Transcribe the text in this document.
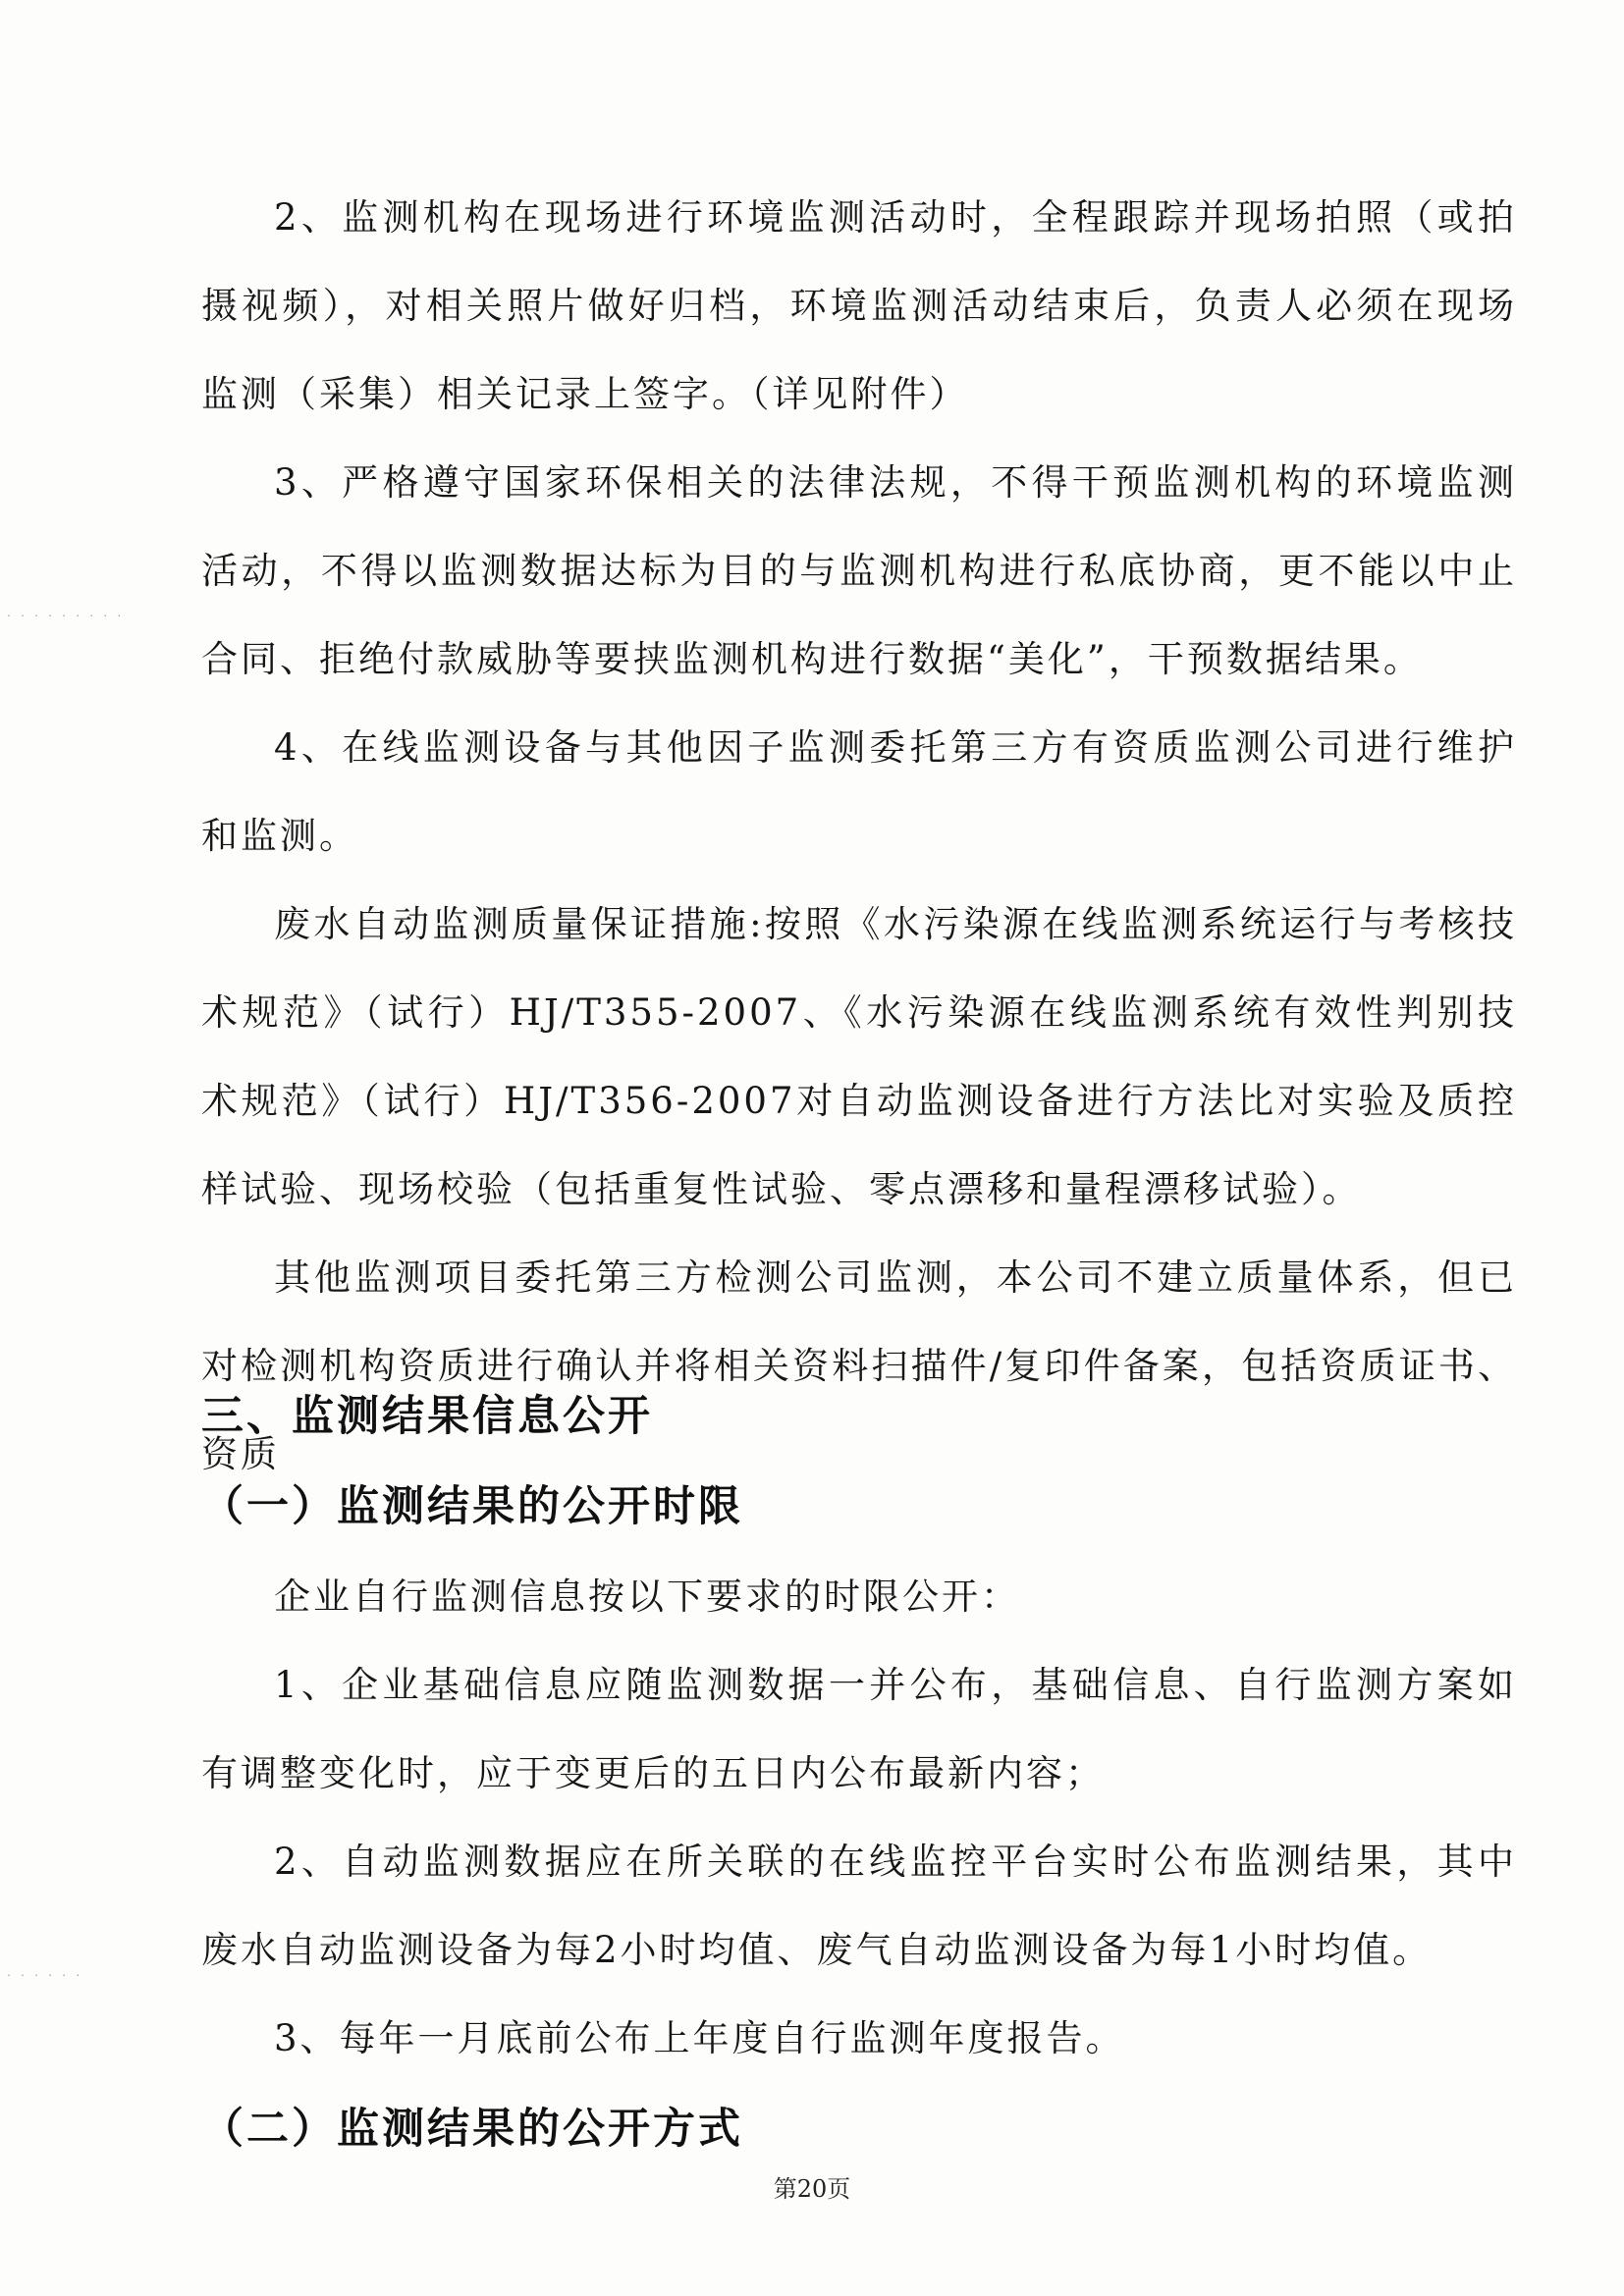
. . . . . . . . .
. . . . . .

2、监测机构在现场进行环境监测活动时，全程跟踪并现场拍照（或拍摄视频），对相关照片做好归档，环境监测活动结束后，负责人必须在现场监测（采集）相关记录上签字。（详见附件）

3、严格遵守国家环保相关的法律法规，不得干预监测机构的环境监测活动，不得以监测数据达标为目的与监测机构进行私底协商，更不能以中止合同、拒绝付款威胁等要挟监测机构进行数据“美化”，干预数据结果。

4、在线监测设备与其他因子监测委托第三方有资质监测公司进行维护和监测。

废水自动监测质量保证措施:按照《水污染源在线监测系统运行与考核技术规范》（试行）HJ/T355-2007、《水污染源在线监测系统有效性判别技术规范》（试行）HJ/T356-2007对自动监测设备进行方法比对实验及质控样试验、现场校验（包括重复性试验、零点漂移和量程漂移试验）。

其他监测项目委托第三方检测公司监测，本公司不建立质量体系，但已对检测机构资质进行确认并将相关资料扫描件/复印件备案，包括资质证书、资质

三、监测结果信息公开
（一）监测结果的公开时限

企业自行监测信息按以下要求的时限公开：

1、企业基础信息应随监测数据一并公布，基础信息、自行监测方案如有调整变化时，应于变更后的五日内公布最新内容；

2、自动监测数据应在所关联的在线监控平台实时公布监测结果，其中废水自动监测设备为每2小时均值、废气自动监测设备为每1小时均值。

3、每年一月底前公布上年度自行监测年度报告。

（二）监测结果的公开方式
第20页
